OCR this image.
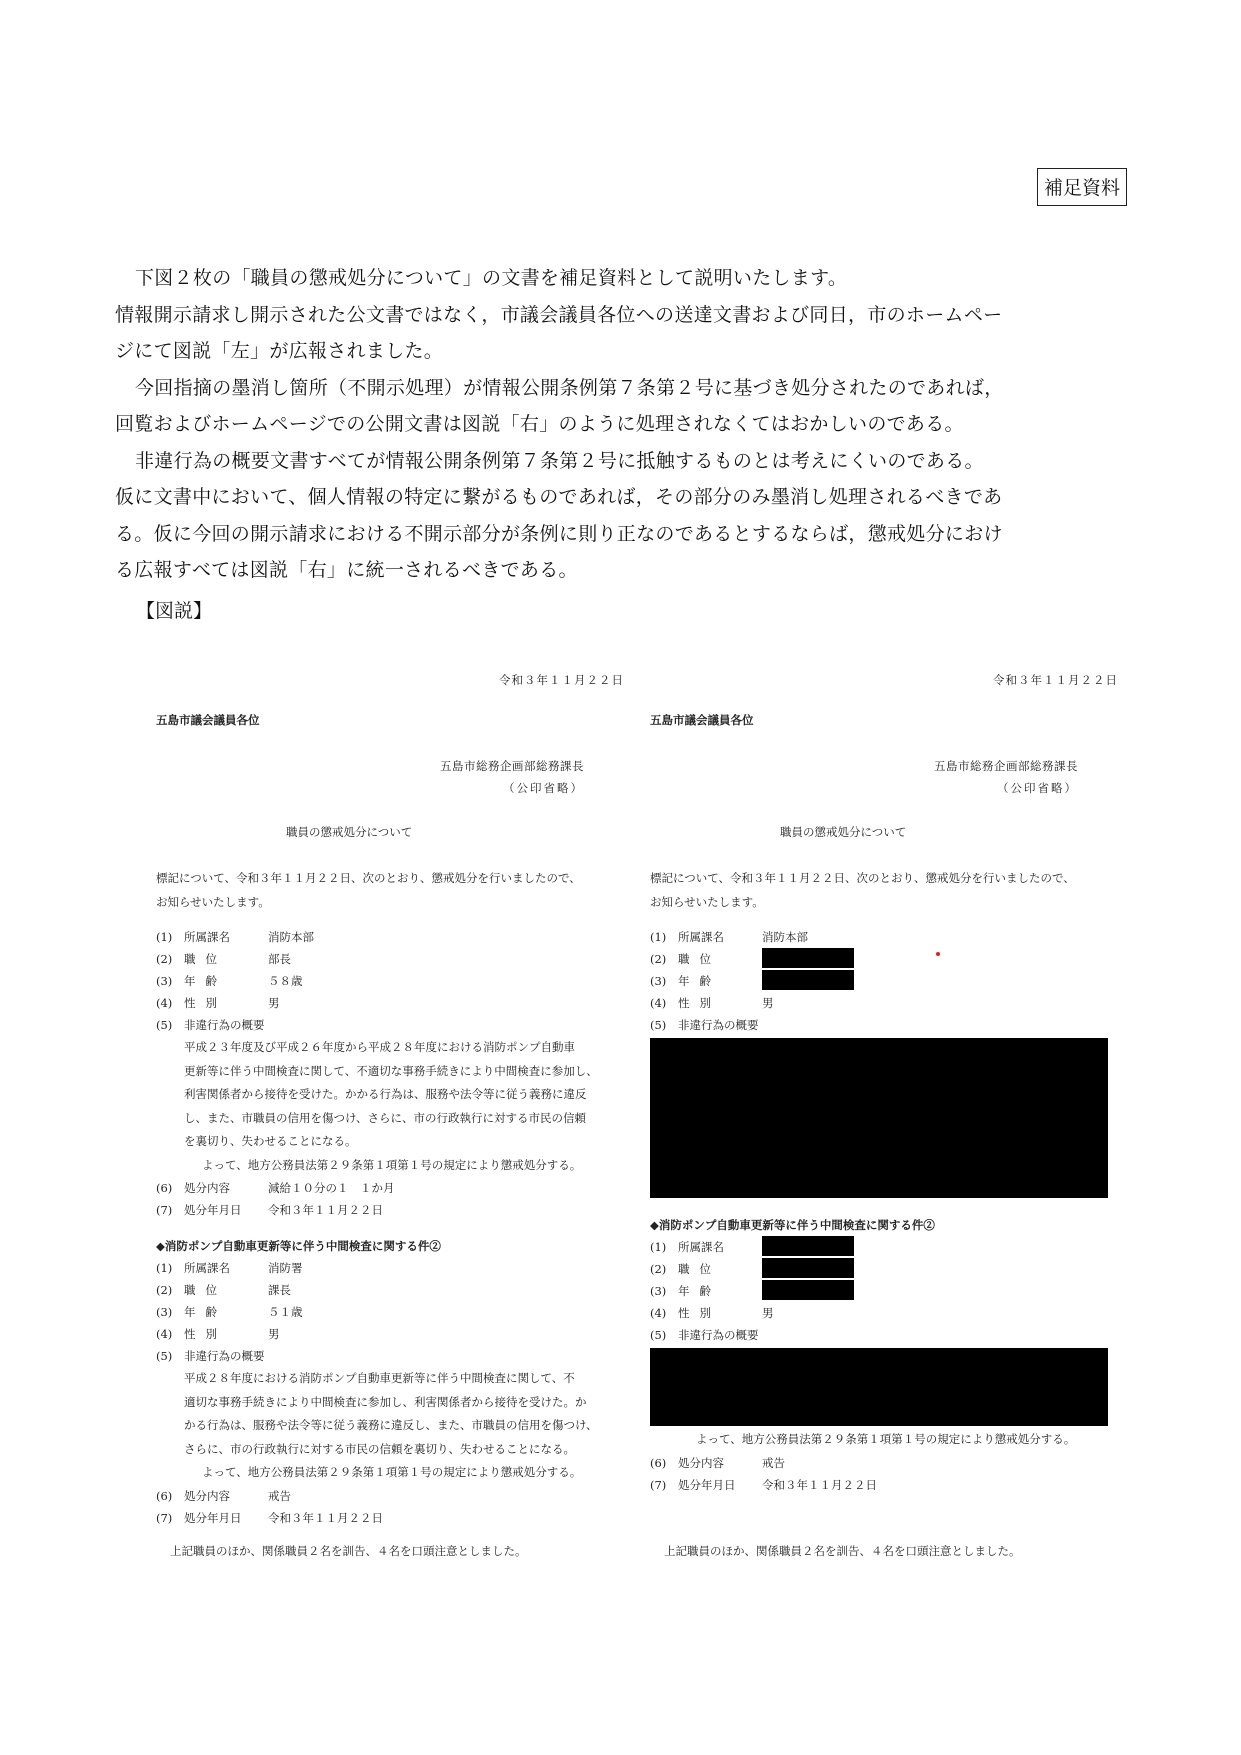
補足資料

下図２枚の「職員の懲戒処分について」の文書を補足資料として説明いたします。

情報開示請求し開示された公文書ではなく，市議会議員各位への送達文書および同日，市のホームペー

ジにて図説「左」が広報されました。

今回指摘の墨消し箇所（不開示処理）が情報公開条例第７条第２号に基づき処分されたのであれば，

回覧およびホームページでの公開文書は図説「右」のように処理されなくてはおかしいのである。

非違行為の概要文書すべてが情報公開条例第７条第２号に抵触するものとは考えにくいのである。

仮に文書中において、個人情報の特定に繋がるものであれば，その部分のみ墨消し処理されるべきであ

る。仮に今回の開示請求における不開示部分が条例に則り正なのであるとするならば，懲戒処分におけ

る広報すべては図説「右」に統一されるべきである。

【図説】
令和３年１１月２２日
五島市議会議員各位
五島市総務企画部総務課長
（公印省略）
職員の懲戒処分について
標記について、令和３年１１月２２日、次のとおり、懲戒処分を行いましたので、
お知らせいたします。
(1)	所属課名	消防本部
(2)	職位	部長
(3)	年齢	５８歳
(4)	性別	男
(5)	非違行為の概要
平成２３年度及び平成２６年度から平成２８年度における消防ポンプ自動車
更新等に伴う中間検査に関して、不適切な事務手続きにより中間検査に参加し、
利害関係者から接待を受けた。かかる行為は、服務や法令等に従う義務に違反
し、また、市職員の信用を傷つけ、さらに、市の行政執行に対する市民の信頼
を裏切り、失わせることになる。
よって、地方公務員法第２９条第１項第１号の規定により懲戒処分する。
(6)	処分内容	減給１０分の１　１か月
(7)	処分年月日	令和３年１１月２２日
◆消防ポンプ自動車更新等に伴う中間検査に関する件②
(1)	所属課名	消防署
(2)	職位	課長
(3)	年齢	５１歳
(4)	性別	男
(5)	非違行為の概要
平成２８年度における消防ポンプ自動車更新等に伴う中間検査に関して、不
適切な事務手続きにより中間検査に参加し、利害関係者から接待を受けた。か
かる行為は、服務や法令等に従う義務に違反し、また、市職員の信用を傷つけ、
さらに、市の行政執行に対する市民の信頼を裏切り、失わせることになる。
よって、地方公務員法第２９条第１項第１号の規定により懲戒処分する。
(6)	処分内容	戒告
(7)	処分年月日	令和３年１１月２２日
上記職員のほか、関係職員２名を訓告、４名を口頭注意としました。
令和３年１１月２２日
五島市議会議員各位
五島市総務企画部総務課長
（公印省略）
職員の懲戒処分について
標記について、令和３年１１月２２日、次のとおり、懲戒処分を行いましたので、
お知らせいたします。
(1)	所属課名	消防本部
(2)	職位
(3)	年齢
(4)	性別	男
(5)	非違行為の概要
◆消防ポンプ自動車更新等に伴う中間検査に関する件②
(1)	所属課名
(2)	職位
(3)	年齢
(4)	性別	男
(5)	非違行為の概要
よって、地方公務員法第２９条第１項第１号の規定により懲戒処分する。
(6)	処分内容	戒告
(7)	処分年月日	令和３年１１月２２日
上記職員のほか、関係職員２名を訓告、４名を口頭注意としました。
